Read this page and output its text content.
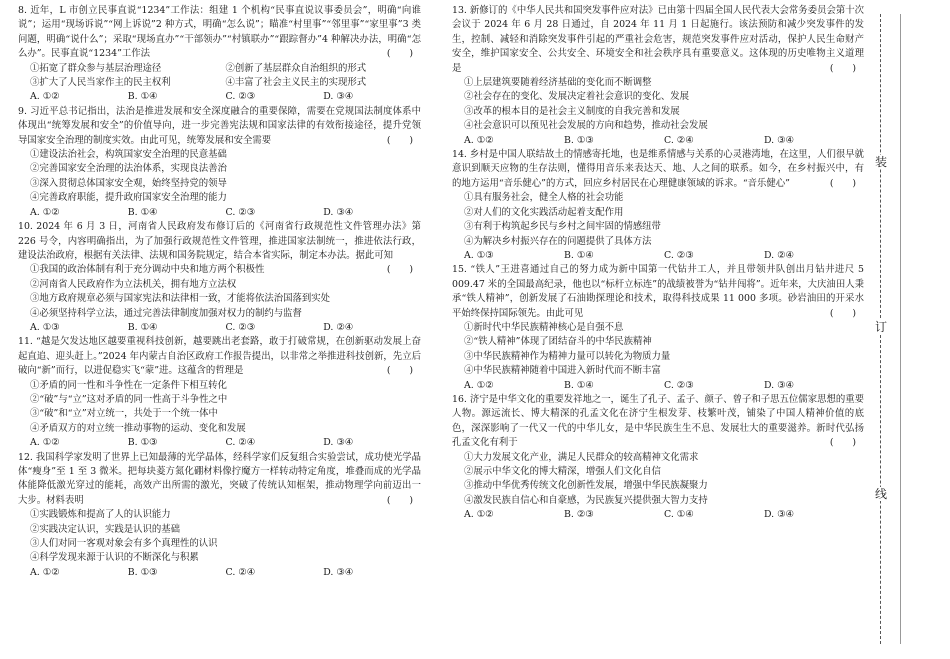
8. 近年，L 市创立民事直说“1234”工作法：组建 1 个机构“民事直说议事委员会”，明确“向谁说”；运用“现场诉说”“网上诉说”2 种方式，明确“怎么说”；瞄准“村里事”“邻里事”“家里事”3 类问题，明确“说什么”；采取“现场直办”“干部领办”“村镇联办”“跟踪督办”4 种解决办法，明确“怎么办”。民事直说“1234”工作法	(　　)

①拓宽了群众参与基层治理途径	②创新了基层群众自治组织的形式
③扩大了人民当家作主的民主权利	④丰富了社会主义民主的实现形式
A. ①②	B. ①④	C. ②③	D. ③④

9. 习近平总书记指出，法治是推进发展和安全深度融合的重要保障，需要在党规国法制度体系中体现出“统筹发展和安全”的价值导向，进一步完善宪法规和国家法律的有效衔接途径，提升党领导国家安全治理的制度实效。由此可见，统筹发展和安全需要	(　　)

①建设法治社会，构筑国家安全治理的民意基础

②完善国家安全治理的法治体系，实现良法善治

③深入贯彻总体国家安全观，始终坚持党的领导

④完善政府职能，提升政府国家安全治理的能力

A. ①②	B. ①④	C. ②③	D. ③④

10. 2024 年 6 月 3 日，河南省人民政府发布修订后的《河南省行政规范性文件管理办法》第 226 号令，内容明确指出，为了加强行政规范性文件管理，推进国家法制统一，推进依法行政，建设法治政府，根据有关法律、法规和国务院规定，结合本省实际，制定本办法。据此可知
(　　)

①我国的政治体制有利于充分调动中央和地方两个积极性

②河南省人民政府作为立法机关，拥有地方立法权

③地方政府规章必须与国家宪法和法律相一致，才能将依法治国落到实处

④必须坚持科学立法，通过完善法律制度加强对权力的制约与监督

A. ①③	B. ①④	C. ②③	D. ②④

11. “越是欠发达地区越要重视科技创新，越要跳出老套路，敢于打破常规，在创新驱动发展上奋起直追、迎头赶上。”2024 年内蒙古自治区政府工作报告提出，以非常之举推进科技创新，先立后破向“新”而行，以进促稳实飞“蒙”进。这蕴含的哲理是	(　　)

①矛盾的同一性和斗争性在一定条件下相互转化

②“破”与“立”这对矛盾的同一性高于斗争性之中

③“破”和“立”对立统一，共处于一个统一体中

④矛盾双方的对立统一推动事物的运动、变化和发展

A. ①②	B. ①③	C. ②④	D. ③④

12. 我国科学家发明了世界上已知最薄的光学晶体，经科学家们反复组合实验尝试，成功使光学晶体“瘦身”至 1 至 3 微米。把每块菱方氮化硼材料像拧魔方一样转动特定角度，堆叠而成的光学晶体能降低激光穿过的能耗，高效产出所需的激光，突破了传统认知框架，推动物理学向前迈出一大步。材料表明	(　　)

①实践锻炼和提高了人的认识能力

②实践决定认识，实践是认识的基础

③人们对同一客观对象会有多个真理性的认识

④科学发现来源于认识的不断深化与积累

A. ①②	B. ①③	C. ②④	D. ③④

13. 新修订的《中华人民共和国突发事件应对法》已由第十四届全国人民代表大会常务委员会第十次会议于 2024 年 6 月 28 日通过，自 2024 年 11 月 1 日起施行。该法预防和减少突发事件的发生，控制、减轻和消除突发事件引起的严重社会危害，规范突发事件应对活动，保护人民生命财产安全，维护国家安全、公共安全、环境安全和社会秩序具有重要意义。这体现的历史唯物主义道理是	(　　)

①上层建筑要随着经济基础的变化而不断调整

②社会存在的变化、发展决定着社会意识的变化、发展

③改革的根本目的是社会主义制度的自我完善和发展

④社会意识可以预见社会发展的方向和趋势，推动社会发展

A. ①②	B. ①③	C. ②④	D. ③④

14. 乡村是中国人联结故土的情感寄托地，也是维系情感与关系的心灵港湾地，在这里，人们很早就意识到顺天应物的生存法则，懂得用音乐来表达天、地、人之间的联系。如今，在乡村振兴中，有的地方运用“音乐健心”的方式，回应乡村居民在心理健康领域的诉求。“音乐健心”	(　　)

①具有服务社会，健全人格的社会功能

②对人们的文化实践活动起着支配作用

③有利于构筑起乡民与乡村之间牢固的情感纽带

④为解决乡村振兴存在的问题提供了具体方法

A. ①③	B. ①④	C. ②③	D. ②④

15. “铁人”王进喜通过自己的努力成为新中国第一代钻井工人，并且带领井队创出月钻井进尺 5 009.47 米的全国最高纪录，他也以“标杆立标连”的战绩被誉为“钻井闯将”。近年来，大庆油田人秉承“铁人精神”，创新发展了石油勘探理论和技术，取得科技成果 11 000 多项。砂岩油田的开采水平始终保持国际领先。由此可见	(　　)

①新时代中华民族精神核心是自强不息

②“铁人精神”体现了团结奋斗的中华民族精神

③中华民族精神作为精神力量可以转化为物质力量

④中华民族精神随着中国进入新时代而不断丰富

A. ①②	B. ①④	C. ②③	D. ③④

16. 济宁是中华文化的重要发祥地之一，诞生了孔子、孟子、颜子、曾子和子思五位儒家思想的重要人物。源远流长、博大精深的孔孟文化在济宁生根发芽、枝繁叶茂，铺染了中国人精神价值的底色，深深影响了一代又一代的中华儿女，是中华民族生生不息、发展壮大的重要滋养。新时代弘扬孔孟文化有利于	(　　)

①大力发展文化产业，满足人民群众的较高精神文化需求

②展示中华文化的博大精深，增强人们文化自信

③推动中华优秀传统文化创新性发展，增强中华民族凝聚力

④激发民族自信心和自豪感，为民族复兴提供强大智力支持

A. ①②	B. ②③	C. ①④	D. ③④
装
订
线
